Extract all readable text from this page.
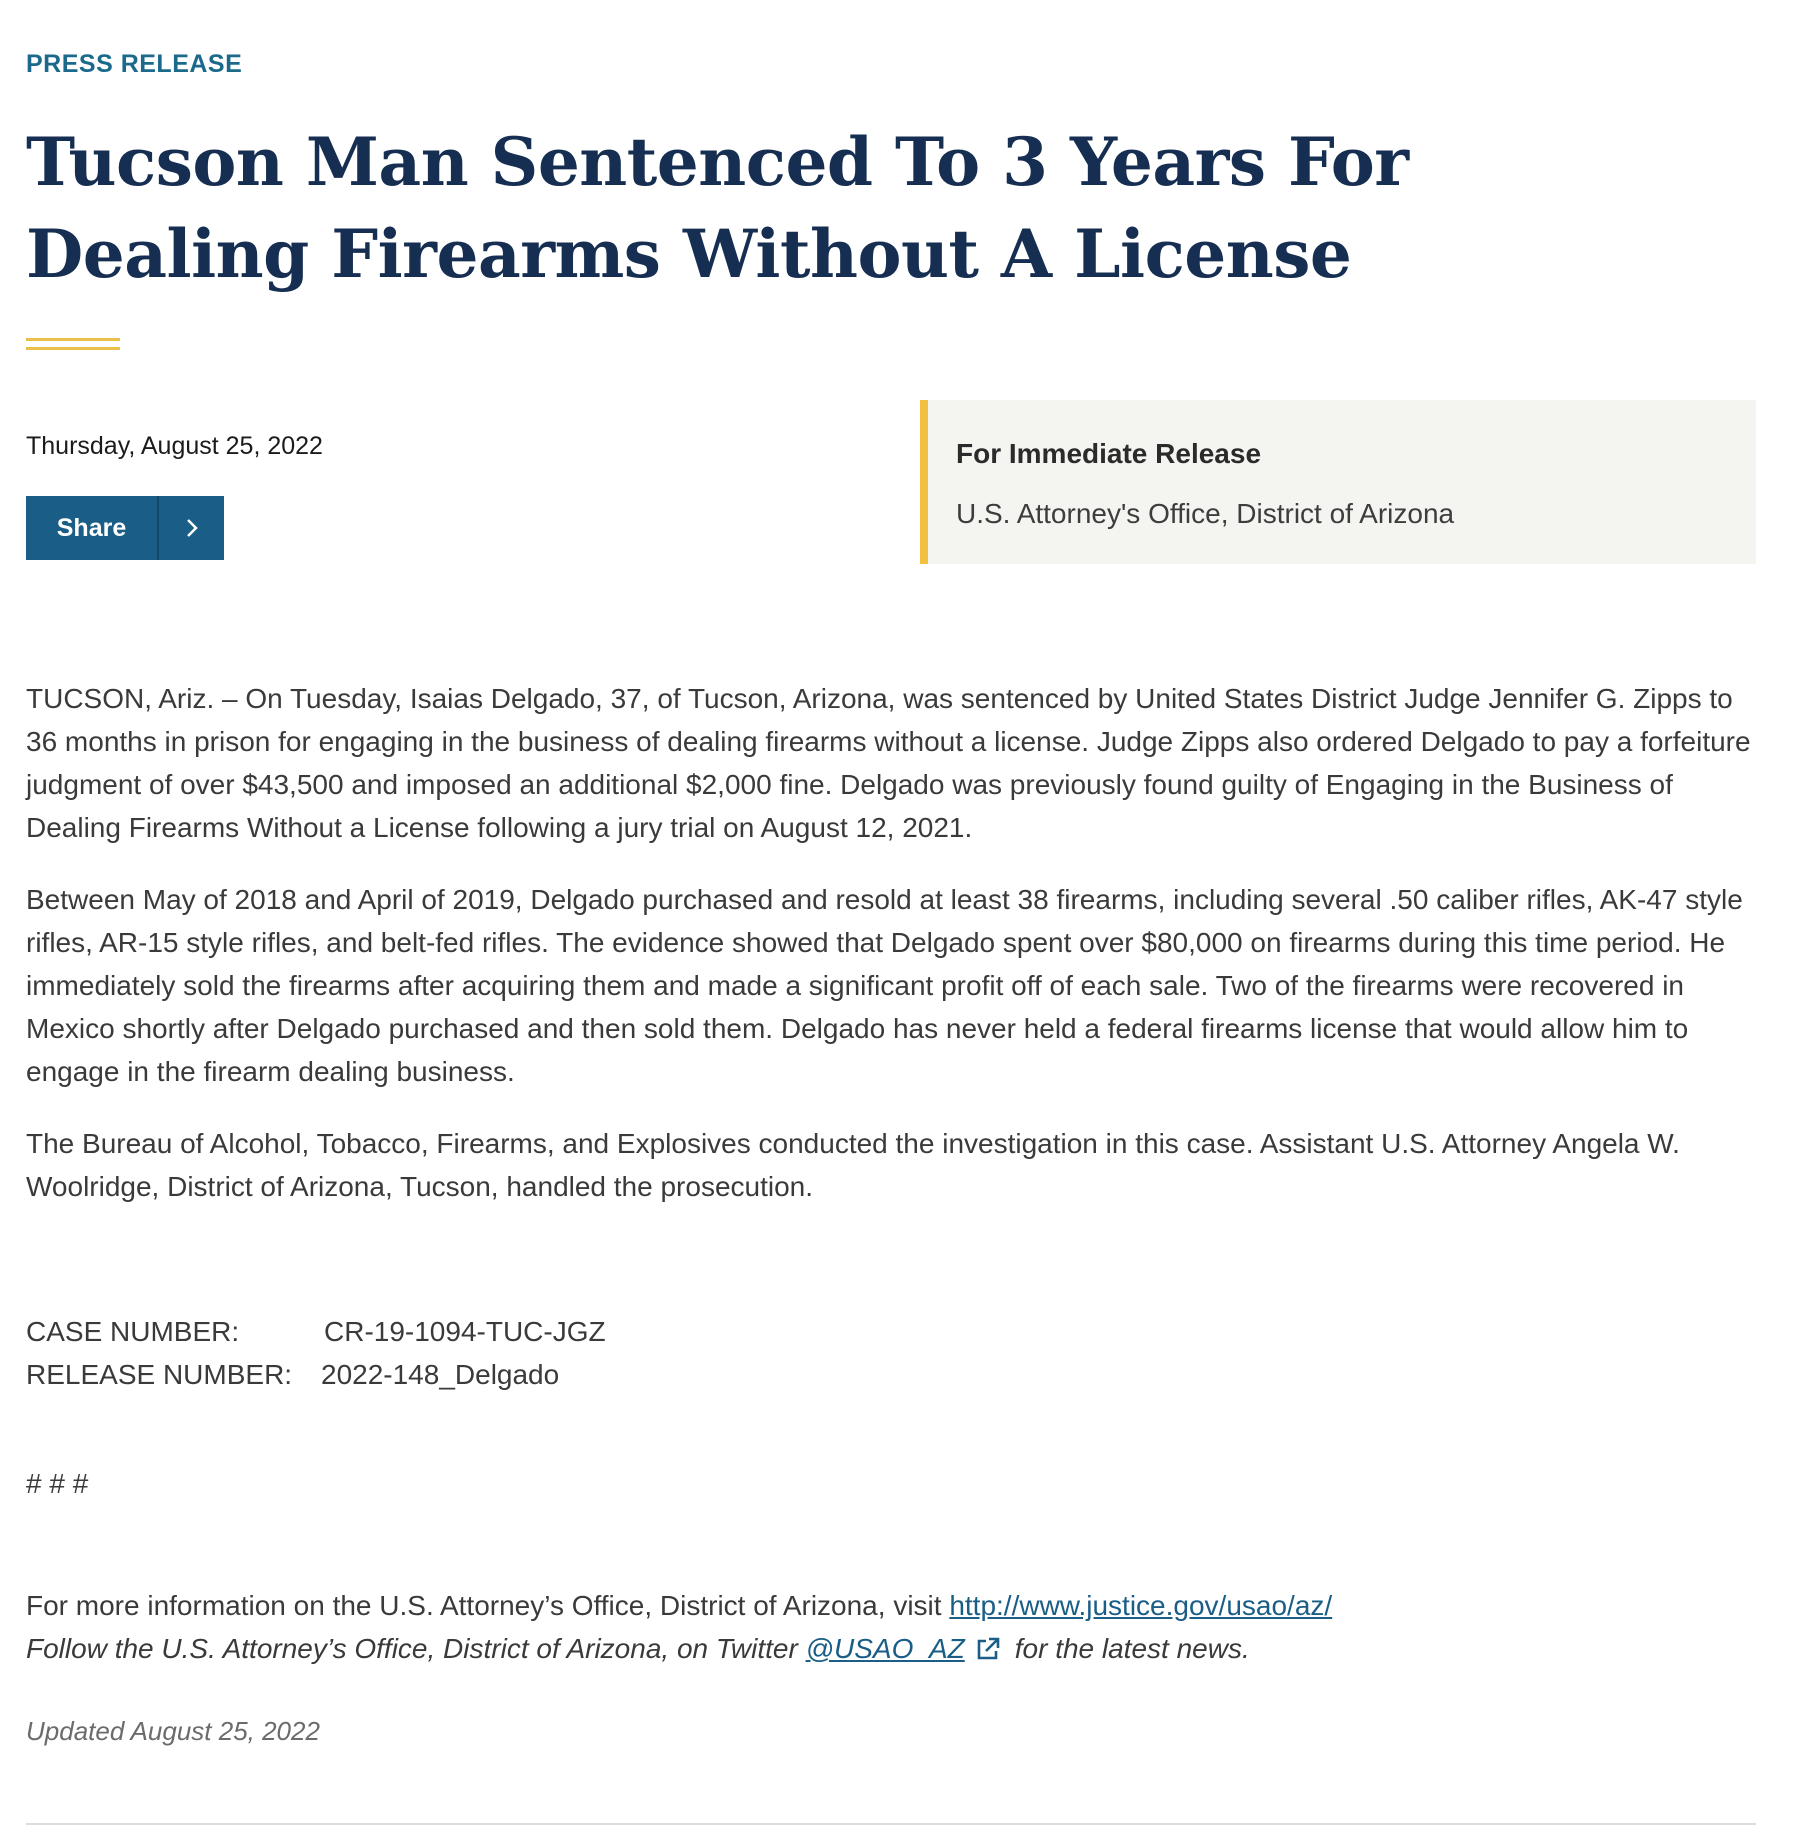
PRESS RELEASE
Tucson Man Sentenced To 3 Years For Dealing Firearms Without A License
Thursday, August 25, 2022
Share
For Immediate Release
U.S. Attorney's Office, District of Arizona

TUCSON, Ariz. – On Tuesday, Isaias Delgado, 37, of Tucson, Arizona, was sentenced by United States District Judge Jennifer G. Zipps to 36 months in prison for engaging in the business of dealing firearms without a license. Judge Zipps also ordered Delgado to pay a forfeiture judgment of over $43,500 and imposed an additional $2,000 fine. Delgado was previously found guilty of Engaging in the Business of Dealing Firearms Without a License following a jury trial on August 12, 2021.

Between May of 2018 and April of 2019, Delgado purchased and resold at least 38 firearms, including several .50 caliber rifles, AK-47 style rifles, AR-15 style rifles, and belt-fed rifles. The evidence showed that Delgado spent over $80,000 on firearms during this time period. He immediately sold the firearms after acquiring them and made a significant profit off of each sale. Two of the firearms were recovered in Mexico shortly after Delgado purchased and then sold them. Delgado has never held a federal firearms license that would allow him to engage in the firearm dealing business.

The Bureau of Alcohol, Tobacco, Firearms, and Explosives conducted the investigation in this case. Assistant U.S. Attorney Angela W. Woolridge, District of Arizona, Tucson, handled the prosecution.

CASE NUMBER:	CR-19-1094-TUC-JGZ
RELEASE NUMBER:	2022-148_Delgado
# # #
For more information on the U.S. Attorney’s Office, District of Arizona, visit http://www.justice.gov/usao/az/
Follow the U.S. Attorney’s Office, District of Arizona, on Twitter
@USAO_AZ for the latest news.
Updated August 25, 2022
